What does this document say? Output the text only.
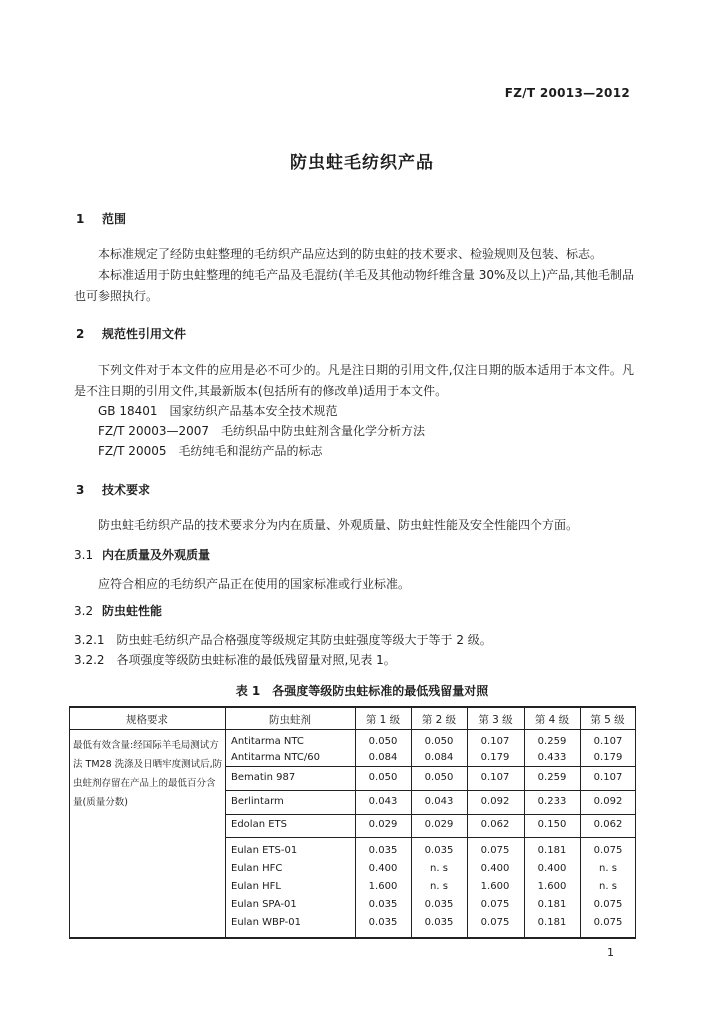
FZ/T 20013—2012
防虫蛀毛纺织产品
1 范围
本标准规定了经防虫蛀整理的毛纺织产品应达到的防虫蛀的技术要求、检验规则及包装、标志。
本标准适用于防虫蛀整理的纯毛产品及毛混纺(羊毛及其他动物纤维含量 30%及以上)产品,其他毛制品也可参照执行。
2 规范性引用文件
下列文件对于本文件的应用是必不可少的。凡是注日期的引用文件,仅注日期的版本适用于本文件。凡是不注日期的引用文件,其最新版本(包括所有的修改单)适用于本文件。
GB 18401　国家纺织产品基本安全技术规范
FZ/T 20003—2007　毛纺织品中防虫蛀剂含量化学分析方法
FZ/T 20005　毛纺纯毛和混纺产品的标志
3 技术要求
防虫蛀毛纺织产品的技术要求分为内在质量、外观质量、防虫蛀性能及安全性能四个方面。
3.1 内在质量及外观质量
应符合相应的毛纺织产品正在使用的国家标准或行业标准。
3.2 防虫蛀性能
3.2.1　防虫蛀毛纺织产品合格强度等级规定其防虫蛀强度等级大于等于 2 级。
3.2.2　各项强度等级防虫蛀标准的最低残留量对照,见表 1。
表 1　各强度等级防虫蛀标准的最低残留量对照
规格要求	防虫蛀剂	第 1 级	第 2 级	第 3 级	第 4 级	第 5 级
最低有效含量:经国际羊毛局测试方法 TM28 洗涤及日晒牢度测试后,防虫蛀剂存留在产品上的最低百分含量(质量分数)
Antitarma NTC	0.050	0.050	0.107	0.259	0.107
Antitarma NTC/60	0.084	0.084	0.179	0.433	0.179
Bematin 987	0.050	0.050	0.107	0.259	0.107
Berlintarm	0.043	0.043	0.092	0.233	0.092
Edolan ETS	0.029	0.029	0.062	0.150	0.062
Eulan ETS-01	0.035	0.035	0.075	0.181	0.075
Eulan HFC	0.400	n. s	0.400	0.400	n. s
Eulan HFL	1.600	n. s	1.600	1.600	n. s
Eulan SPA-01	0.035	0.035	0.075	0.181	0.075
Eulan WBP-01	0.035	0.035	0.075	0.181	0.075
1
